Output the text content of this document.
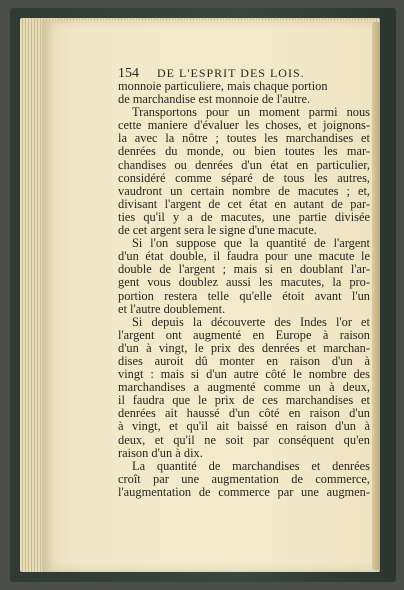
154 DE L'ESPRIT DES LOIS.
monnoie particuliere, mais chaque portion
de marchandise est monnoie de l'autre.
Transportons pour un moment parmi nous
cette maniere d'évaluer les choses, et joignons-
la avec la nôtre ; toutes les marchandises et
denrées du monde, ou bien toutes les mar-
chandises ou denrées d'un état en particulier,
considéré comme séparé de tous les autres,
vaudront un certain nombre de macutes ; et,
divisant l'argent de cet état en autant de par-
ties qu'il y a de macutes, une partie divisée
de cet argent sera le signe d'une macute.
Si l'on suppose que la quantité de l'argent
d'un état double, il faudra pour une macute le
double de l'argent ; mais si en doublant l'ar-
gent vous doublez aussi les macutes, la pro-
portion restera telle qu'elle étoit avant l'un
et l'autre doublement.
Si depuis la découverte des Indes l'or et
l'argent ont augmenté en Europe à raison
d'un à vingt, le prix des denrées et marchan-
dises auroit dû monter en raison d'un à
vingt : mais si d'un autre côté le nombre des
marchandises a augmenté comme un à deux,
il faudra que le prix de ces marchandises et
denrées ait haussé d'un côté en raison d'un
à vingt, et qu'il ait baissé en raison d'un à
deux, et qu'il ne soit par conséquent qu'en
raison d'un à dix.
La quantité de marchandises et denrées
croît par une augmentation de commerce,
l'augmentation de commerce par une augmen-
